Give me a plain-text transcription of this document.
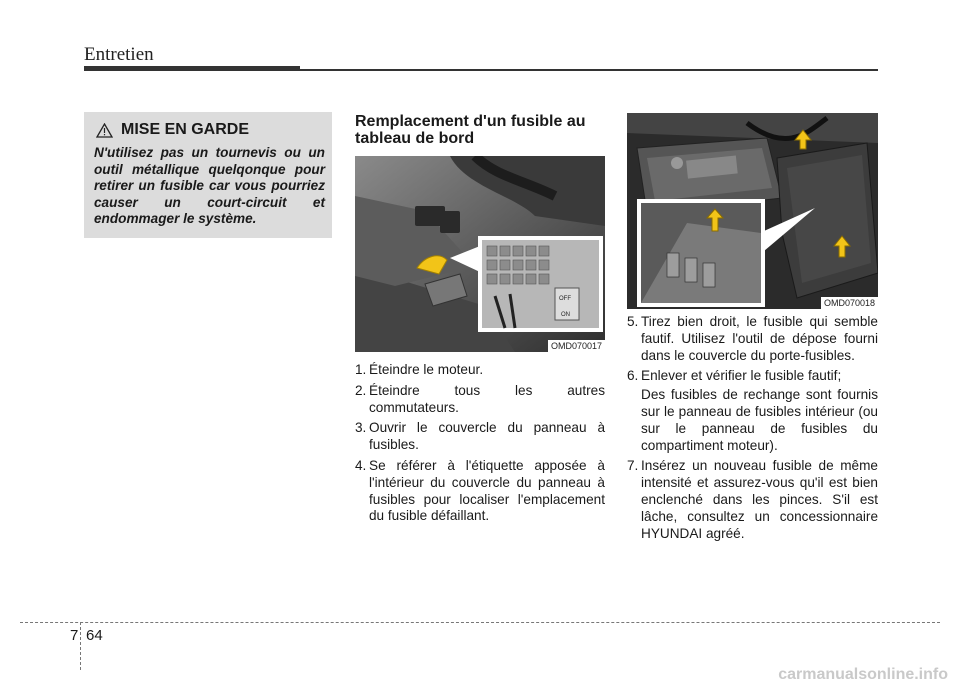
Entretien
MISE EN GARDE
N'utilisez pas un tournevis ou un outil métallique quelqonque pour retirer un fusible car vous pourriez causer un court-circuit et endommager le système.
Remplacement d'un fusible au tableau de bord
OFF
ON
OMD070017
1. Éteindre le moteur.
2. Éteindre tous les autres commutateurs.
3. Ouvrir le couvercle du panneau à fusibles.
4. Se référer à l'étiquette apposée à l'intérieur du couvercle du panneau à fusibles pour localiser l'emplacement du fusible défaillant.
OMD070018
5. Tirez bien droit, le fusible qui semble fautif. Utilisez l'outil de dépose fourni dans le couvercle du porte-fusibles.
6. Enlever et vérifier le fusible fautif;
Des fusibles de rechange sont fournis sur le panneau de fusibles intérieur (ou sur le panneau de fusibles du compartiment moteur).
7. Insérez un nouveau fusible de même intensité et assurez-vous qu'il est bien enclenché dans les pinces. S'il est lâche, consultez un concessionnaire HYUNDAI agréé.
7 64
carmanualsonline.info
